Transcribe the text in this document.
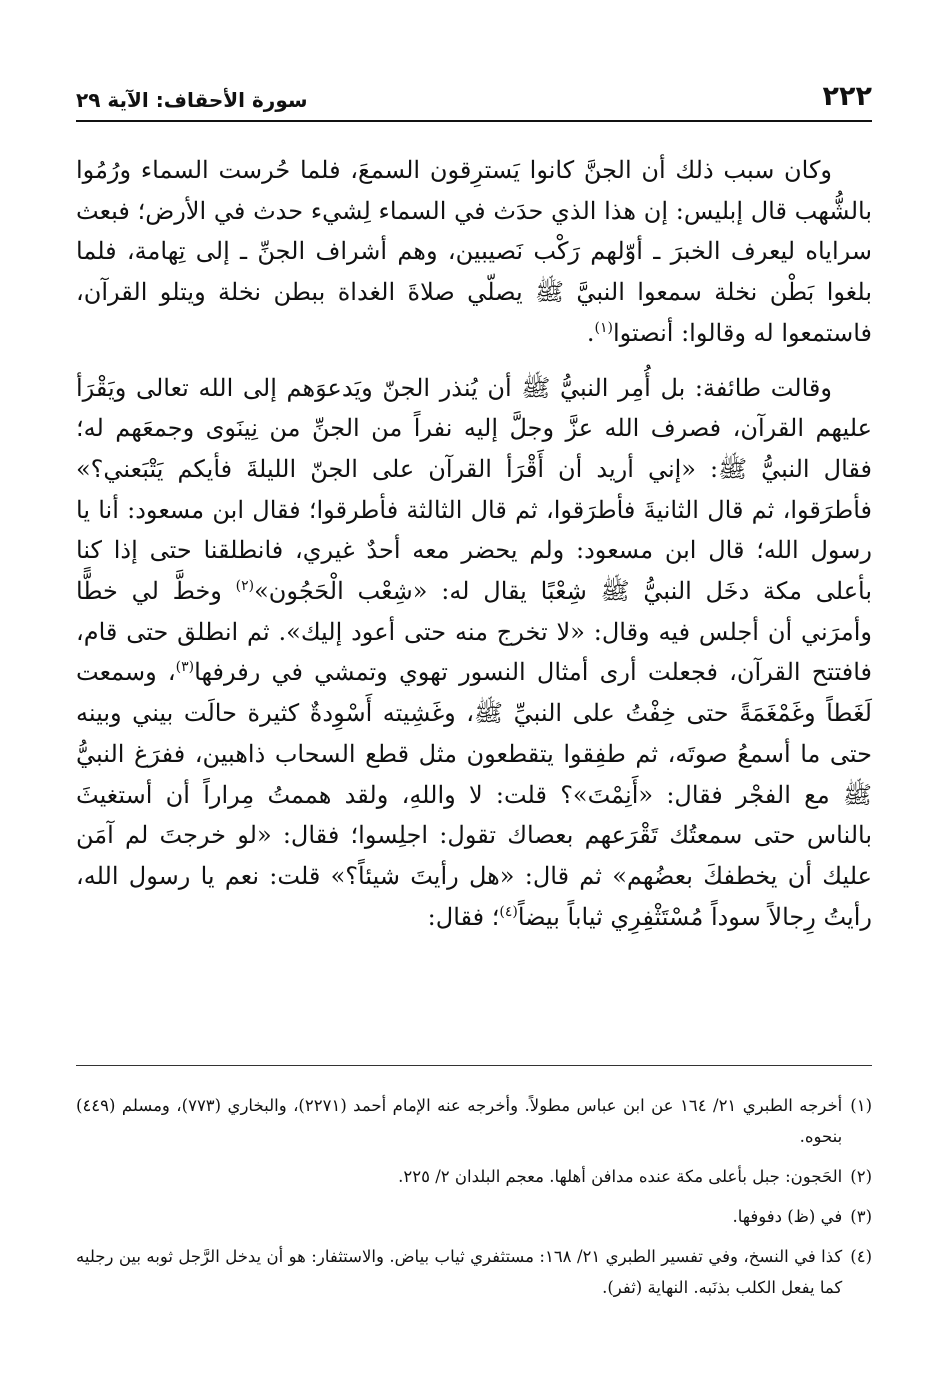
٢٢٢
سورة الأحقاف: الآية ٢٩

وكان سبب ذلك أن الجنَّ كانوا يَسترِقون السمعَ، فلما حُرست السماء ورُمُوا بالشُّهب قال إبليس: إن هذا الذي حدَث في السماء لِشيء حدث في الأرض؛ فبعث سراياه ليعرف الخبرَ ـ أوّلهم رَكْب نَصيبين، وهم أشراف الجنِّ ـ إلى تِهامة، فلما بلغوا بَطْن نخلة سمعوا النبيَّ ﷺ يصلّي صلاةَ الغداة ببطن نخلة ويتلو القرآن، فاستمعوا له وقالوا: أنصتوا$^{(١)}$.

وقالت طائفة: بل أُمِر النبيُّ ﷺ أن يُنذر الجنّ ويَدعوَهم إلى الله تعالى ويَقْرَأ عليهم القرآن، فصرف الله عزَّ وجلَّ إليه نفراً من الجنِّ من نِينَوى وجمعَهم له؛ فقال النبيُّ ﷺ: «إني أريد أن أَقْرَأ القرآن على الجنّ الليلةَ فأيكم يَتْبَعني؟» فأطرَقوا، ثم قال الثانيةَ فأطرَقوا، ثم قال الثالثة فأطرقوا؛ فقال ابن مسعود: أنا يا رسول الله؛ قال ابن مسعود: ولم يحضر معه أحدٌ غيري، فانطلقنا حتى إذا كنا بأعلى مكة دخَل النبيُّ ﷺ شِعْبًا يقال له: «شِعْب الْحَجُون»$^{(٢)}$ وخطَّ لي خطًّا وأمرَني أن أجلس فيه وقال: «لا تخرج منه حتى أعود إليك». ثم انطلق حتى قام، فافتتح القرآن، فجعلت أرى أمثال النسور تهوي وتمشي في رفرفها$^{(٣)}$، وسمعت لَغَطاً وغَمْغَمَةً حتى خِفْتُ على النبيِّ ﷺ، وغَشِيته أَسْوِدةٌ كثيرة حالَت بيني وبينه حتى ما أسمعُ صوتَه، ثم طفِقوا يتقطعون مثل قطع السحاب ذاهبين، ففرَغ النبيُّ ﷺ مع الفجْر فقال: «أَنِمْتَ»؟ قلت: لا واللهِ، ولقد هممتُ مِراراً أن أستغيثَ بالناس حتى سمعتُك تَقْرَعهم بعصاك تقول: اجلِسوا؛ فقال: «لو خرجتَ لم آمَن عليك أن يخطفكَ بعضُهم» ثم قال: «هل رأيتَ شيئاً؟» قلت: نعم يا رسول الله، رأيتُ رِجالاً سوداً مُسْتَثْفِرِي ثياباً بيضاً$^{(٤)}$؛ فقال:

(١)
أخرجه الطبري ٢١/ ١٦٤ عن ابن عباس مطولاً. وأخرجه عنه الإمام أحمد (٢٢٧١)، والبخاري (٧٧٣)، ومسلم (٤٤٩) بنحوه.
(٢)
الحَجون: جبل بأعلى مكة عنده مدافن أهلها. معجم البلدان ٢/ ٢٢٥.
(٣)
في (ظ) دفوفها.
(٤)
كذا في النسخ، وفي تفسير الطبري ٢١/ ١٦٨: مستثفري ثياب بياض. والاستثفار: هو أن يدخل الرَّجل ثوبه بين رجليه كما يفعل الكلب بذنَبه. النهاية (ثفر).
